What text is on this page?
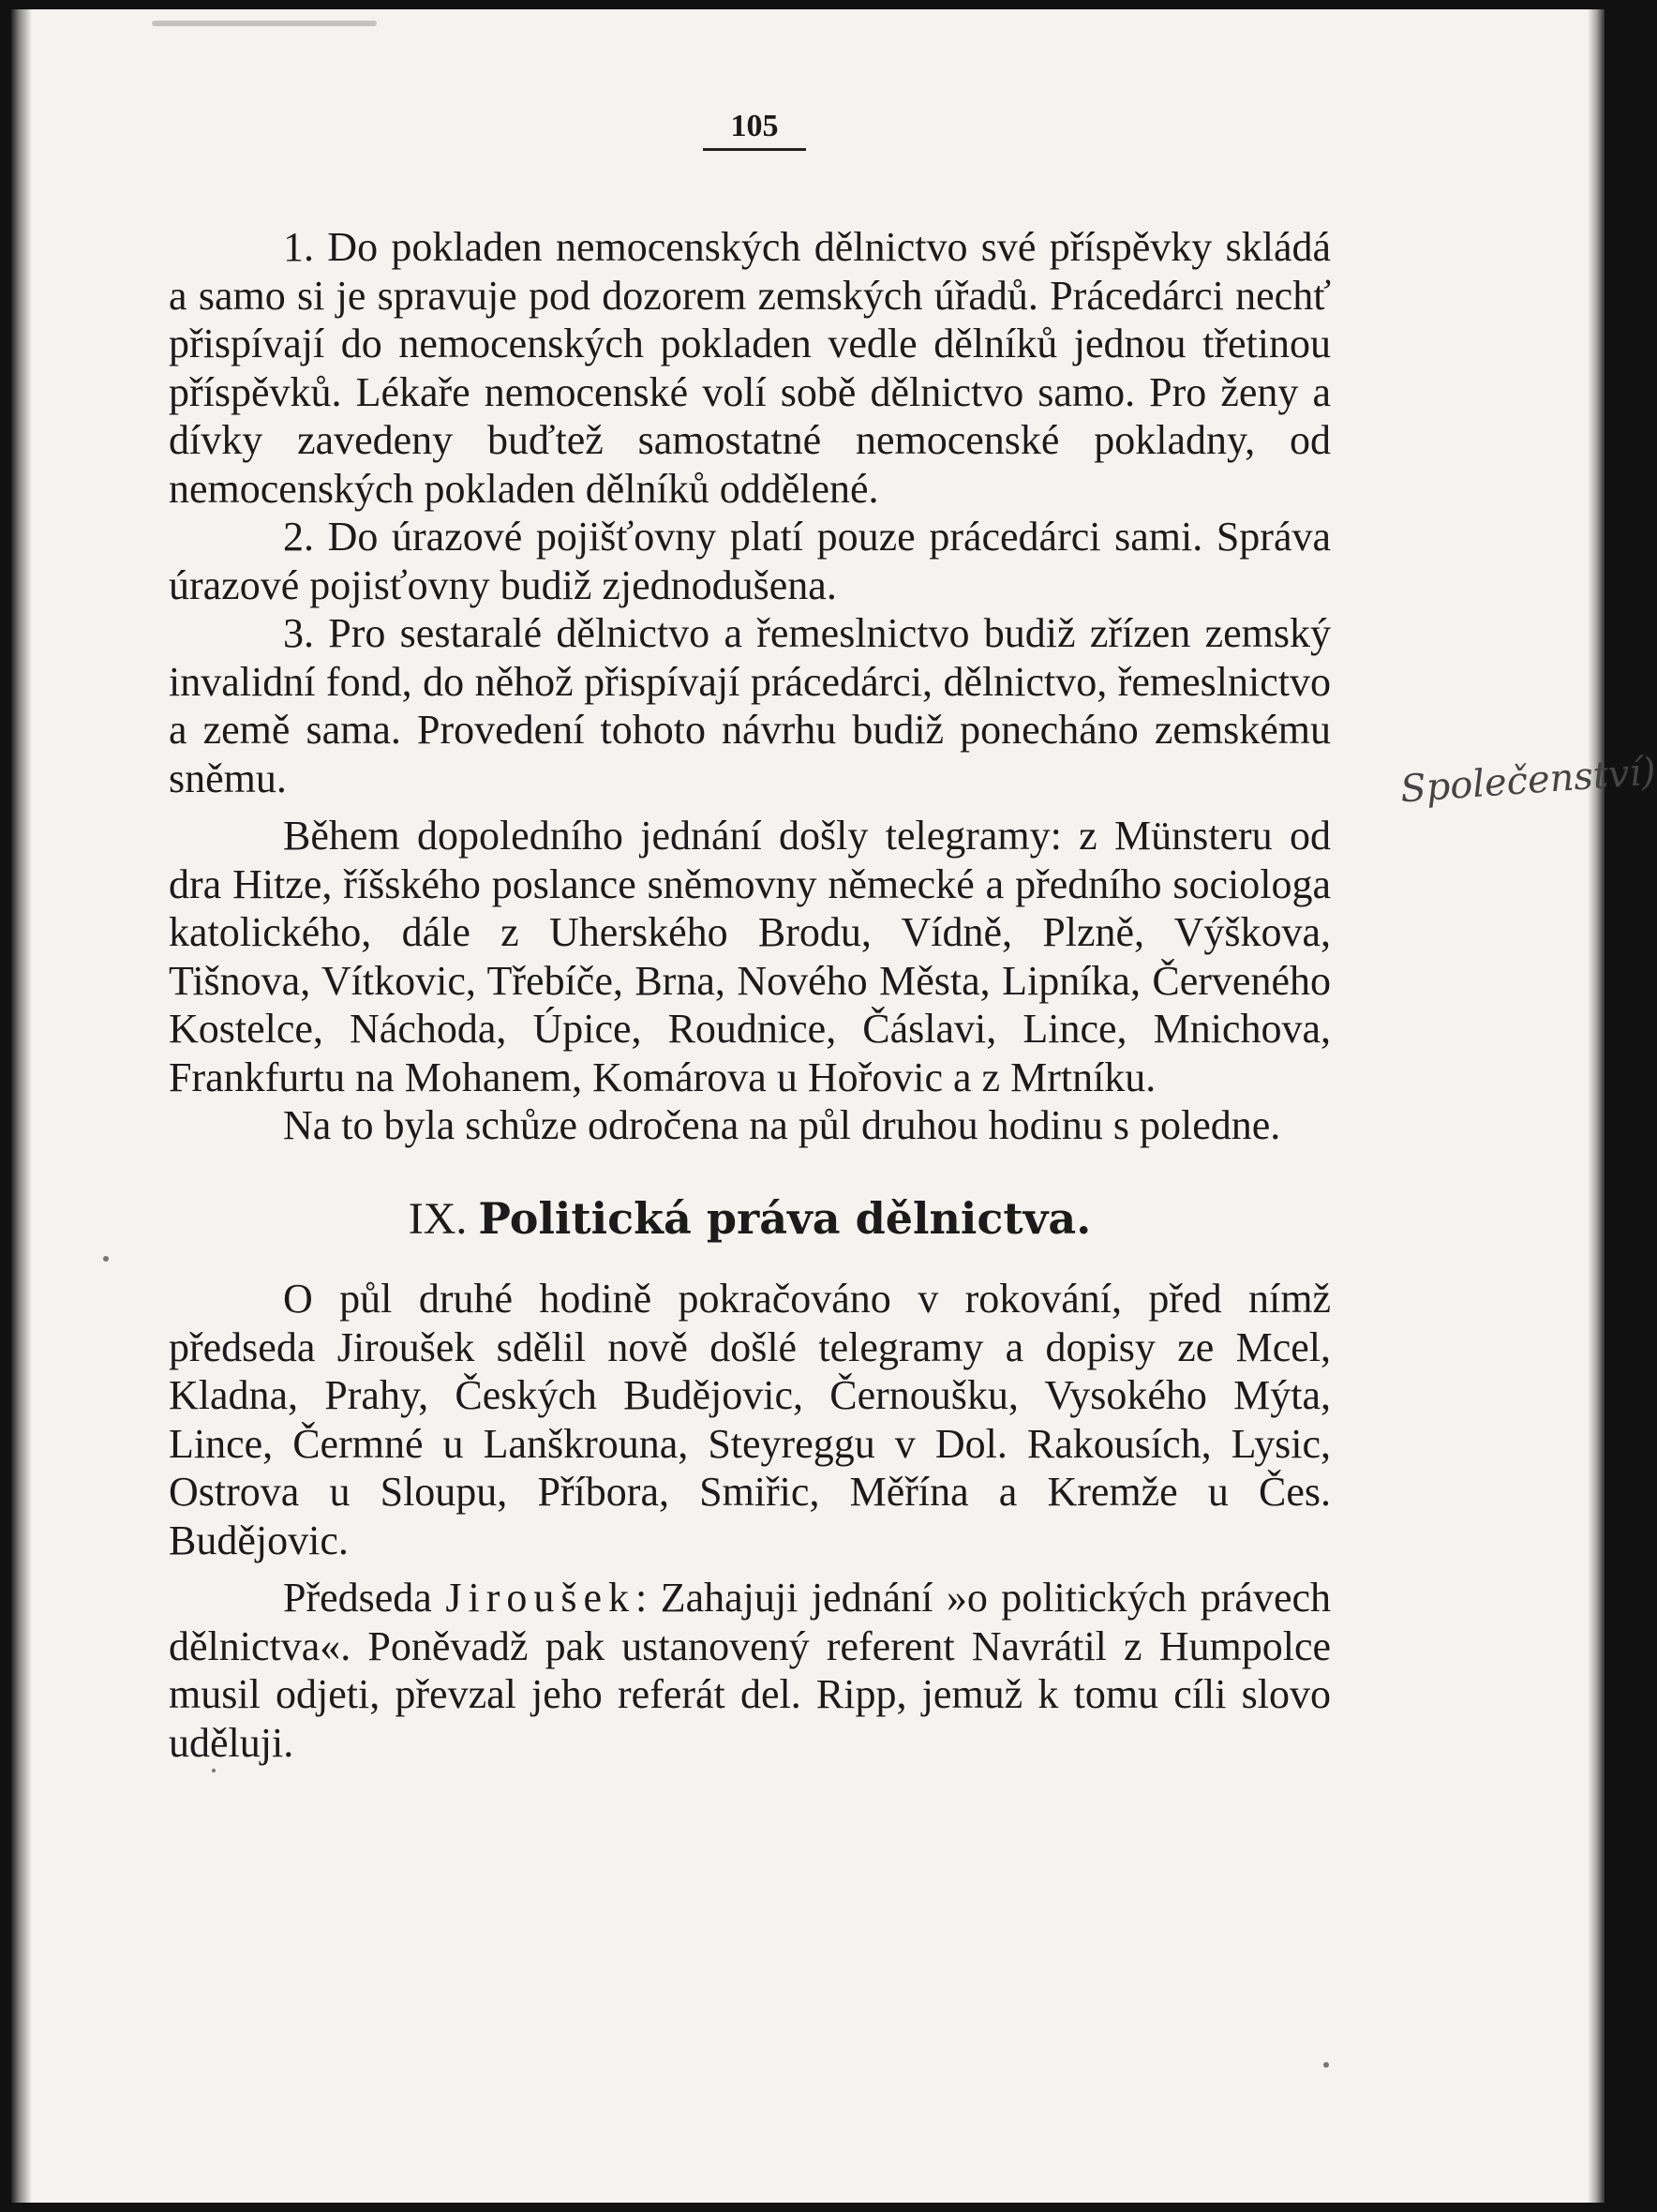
105

1. Do pokladen nemocenských dělnictvo své příspěvky skládá a samo si je spravuje pod dozorem zemských úřadů. Prácedárci nechť přispívají do nemocenských pokladen vedle dělníků jednou třetinou příspěvků. Lékaře nemocenské volí sobě dělnictvo samo. Pro ženy a dívky zavedeny buďtež samostatné nemocenské pokladny, od nemocenských pokladen dělníků oddělené.

2. Do úrazové pojišťovny platí pouze prácedárci sami. Správa úrazové pojisťovny budiž zjednodušena.

3. Pro sestaralé dělnictvo a řemeslnictvo budiž zřízen zemský invalidní fond, do něhož přispívají prácedárci, dělnictvo, řemeslnictvo a země sama. Provedení tohoto návrhu budiž ponecháno zemskému sněmu.

Během dopoledního jednání došly telegramy: z Münsteru od dra Hitze, říšského poslance sněmovny německé a předního sociologa katolického, dále z Uherského Brodu, Vídně, Plzně, Výškova, Tišnova, Vítkovic, Třebíče, Brna, Nového Města, Lipníka, Červeného Kostelce, Náchoda, Úpice, Roudnice, Čáslavi, Lince, Mnichova, Frankfurtu na Mohanem, Komárova u Hořovic a z Mrtníku.

Na to byla schůze odročena na půl druhou hodinu s poledne.

IX. Politická práva dělnictva.

O půl druhé hodině pokračováno v rokování, před nímž předseda Jiroušek sdělil nově došlé telegramy a dopisy ze Mcel, Kladna, Prahy, Českých Budějovic, Černoušku, Vysokého Mýta, Lince, Čermné u Lanškrouna, Steyreggu v Dol. Rakousích, Lysic, Ostrova u Sloupu, Příbora, Smiřic, Měřína a Kremže u Čes. Budějovic.

Předseda Jiroušek: Zahajuji jednání »o politických právech dělnictva«. Poněvadž pak ustanovený referent Navrátil z Humpolce musil odjeti, převzal jeho referát del. Ripp, jemuž k tomu cíli slovo uděluji.

Společenství)
